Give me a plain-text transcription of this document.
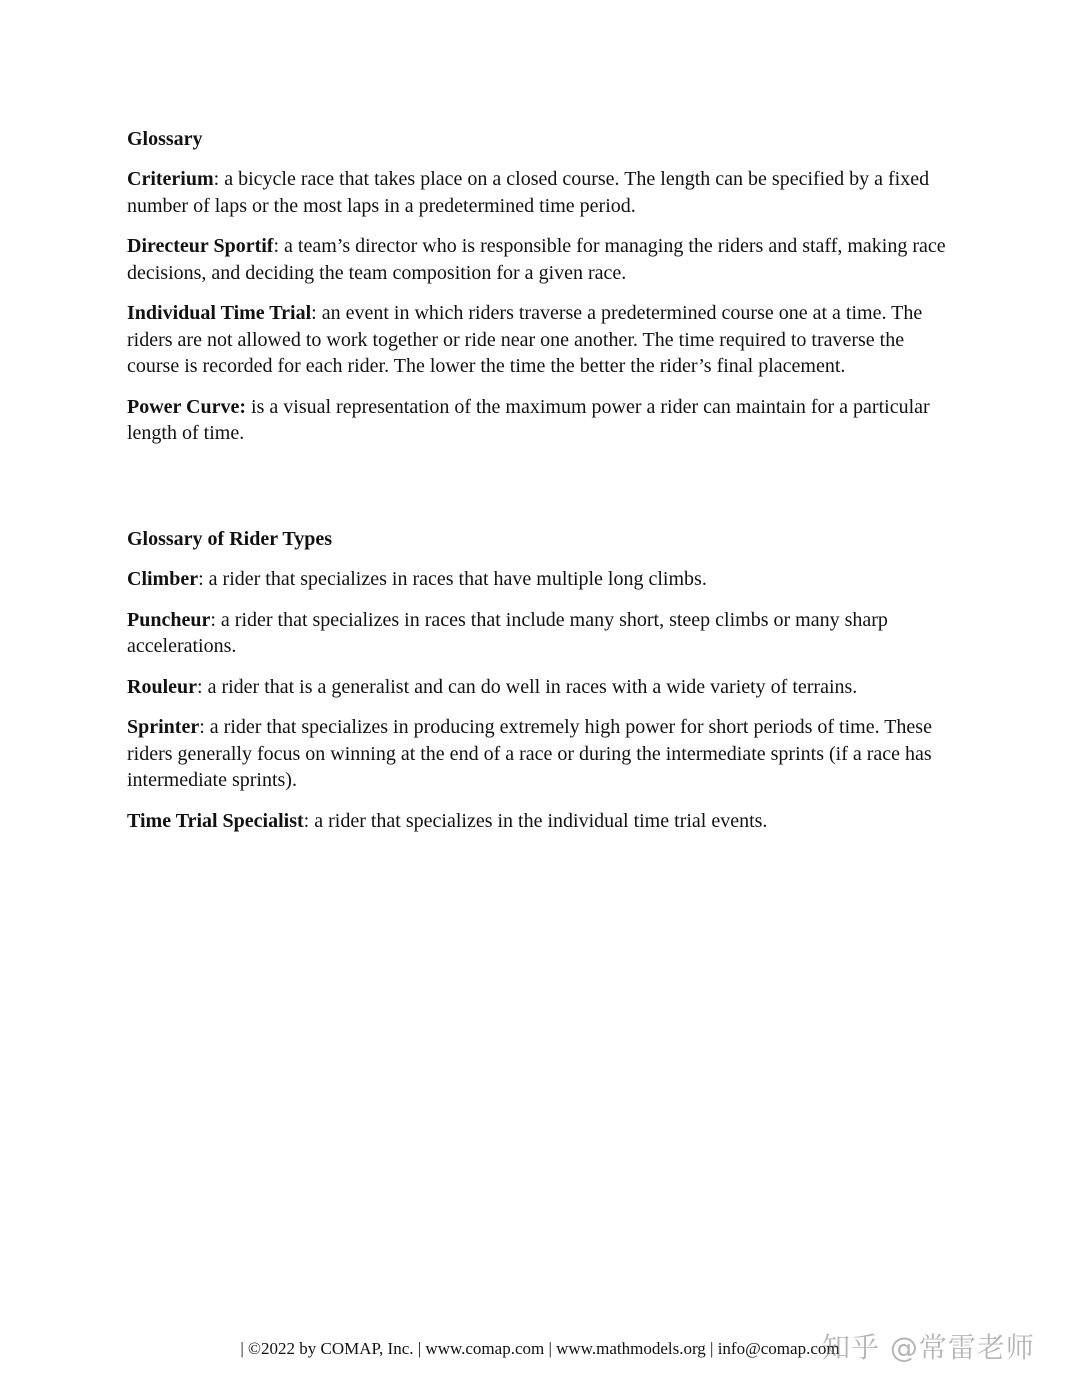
Glossary

Criterium: a bicycle race that takes place on a closed course. The length can be specified by a fixed number of laps or the most laps in a predetermined time period.

Directeur Sportif: a team’s director who is responsible for managing the riders and staff, making race decisions, and deciding the team composition for a given race.

Individual Time Trial: an event in which riders traverse a predetermined course one at a time. The riders are not allowed to work together or ride near one another. The time required to traverse the course is recorded for each rider. The lower the time the better the rider’s final placement.

Power Curve: is a visual representation of the maximum power a rider can maintain for a particular length of time.

Glossary of Rider Types

Climber: a rider that specializes in races that have multiple long climbs.

Puncheur: a rider that specializes in races that include many short, steep climbs or many sharp accelerations.

Rouleur: a rider that is a generalist and can do well in races with a wide variety of terrains.

Sprinter: a rider that specializes in producing extremely high power for short periods of time. These riders generally focus on winning at the end of a race or during the intermediate sprints (if a race has intermediate sprints).

Time Trial Specialist: a rider that specializes in the individual time trial events.

| ©2022 by COMAP, Inc. | www.comap.com | www.mathmodels.org | info@comap.com
知乎 @常雷老师
